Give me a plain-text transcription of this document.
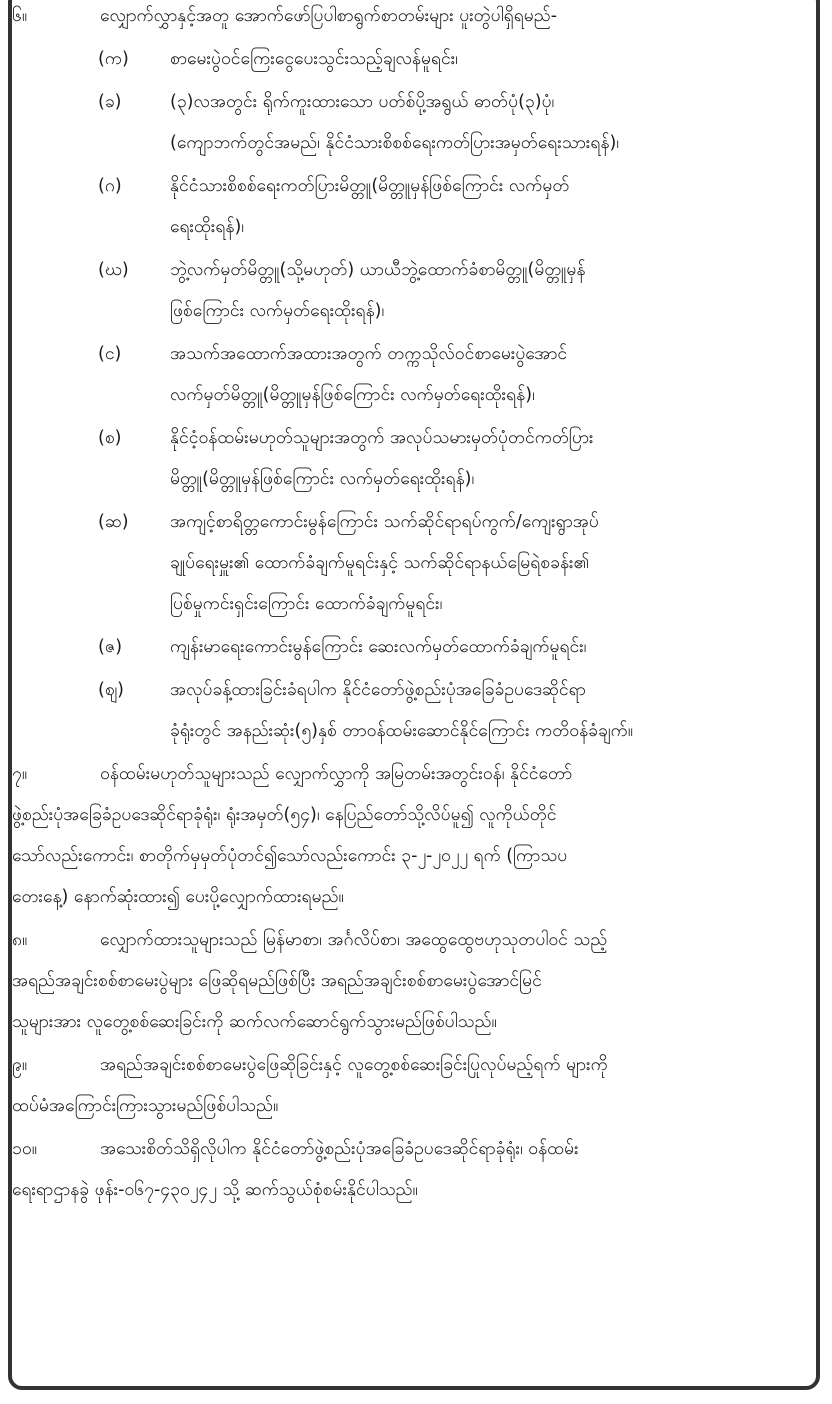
၆။	လျှောက်လွှာနှင့်အတူ အောက်ဖော်ပြပါစာရွက်စာတမ်းများ ပူးတွဲပါရှိရမည်-
(က) စာမေးပွဲဝင်ကြေးငွေပေးသွင်းသည့်ချလန်မူရင်း၊
(ခ)	(၃)လအတွင်း ရိုက်ကူးထားသော ပတ်စ်ပို့အရွယ် ဓာတ်ပုံ(၃)ပုံ၊
(ကျောဘက်တွင်အမည်၊ နိုင်ငံသားစိစစ်ရေးကတ်ပြားအမှတ်ရေးသားရန်)၊
(ဂ)	နိုင်ငံသားစိစစ်ရေးကတ်ပြားမိတ္တူ(မိတ္တူမှန်ဖြစ်ကြောင်း လက်မှတ်
ရေးထိုးရန်)၊
(ဃ) ဘွဲ့လက်မှတ်မိတ္တူ(သို့မဟုတ်) ယာယီဘွဲ့ထောက်ခံစာမိတ္တူ(မိတ္တူမှန်
ဖြစ်ကြောင်း လက်မှတ်ရေးထိုးရန်)၊
(င)	အသက်အထောက်အထားအတွက် တက္ကသိုလ်ဝင်စာမေးပွဲအောင်
လက်မှတ်မိတ္တူ(မိတ္တူမှန်ဖြစ်ကြောင်း လက်မှတ်ရေးထိုးရန်)၊
(စ)	နိုင်ငံ့ဝန်ထမ်းမဟုတ်သူများအတွက် အလုပ်သမားမှတ်ပုံတင်ကတ်ပြား
မိတ္တူ(မိတ္တူမှန်ဖြစ်ကြောင်း လက်မှတ်ရေးထိုးရန်)၊
(ဆ) အကျင့်စာရိတ္တကောင်းမွန်ကြောင်း သက်ဆိုင်ရာရပ်ကွက်/ကျေးရွာအုပ်
ချုပ်ရေးမှူး၏ ထောက်ခံချက်မူရင်းနှင့် သက်ဆိုင်ရာနယ်မြေရဲစခန်း၏
ပြစ်မှုကင်းရှင်းကြောင်း ထောက်ခံချက်မူရင်း၊
(ဇ)	ကျန်းမာရေးကောင်းမွန်ကြောင်း ဆေးလက်မှတ်ထောက်ခံချက်မူရင်း၊
(ဈ)	အလုပ်ခန့်ထားခြင်းခံရပါက နိုင်ငံတော်ဖွဲ့စည်းပုံအခြေခံဥပဒေဆိုင်ရာ
ခုံရုံးတွင် အနည်းဆုံး(၅)နှစ် တာဝန်ထမ်းဆောင်နိုင်ကြောင်း ကတိဝန်ခံချက်။
၇။	ဝန်ထမ်းမဟုတ်သူများသည် လျှောက်လွှာကို အမြတမ်းအတွင်းဝန်၊ နိုင်ငံတော်
ဖွဲ့စည်းပုံအခြေခံဥပဒေဆိုင်ရာခုံရုံး၊ ရုံးအမှတ်(၅၄)၊ နေပြည်တော်သို့လိပ်မူ၍ လူကိုယ်တိုင်
သော်လည်းကောင်း၊ စာတိုက်မှမှတ်ပုံတင်၍သော်လည်းကောင်း ၃-၂-၂၀၂၂ ရက် (ကြာသပ
တေးနေ့) နောက်ဆုံးထား၍ ပေးပို့လျှောက်ထားရမည်။
၈။	လျှောက်ထားသူများသည် မြန်မာစာ၊ အင်္ဂလိပ်စာ၊ အထွေထွေဗဟုသုတပါဝင် သည့်
အရည်အချင်းစစ်စာမေးပွဲများ ဖြေဆိုရမည်ဖြစ်ပြီး အရည်အချင်းစစ်စာမေးပွဲအောင်မြင်
သူများအား လူတွေ့စစ်ဆေးခြင်းကို ဆက်လက်ဆောင်ရွက်သွားမည်ဖြစ်ပါသည်။
၉။	အရည်အချင်းစစ်စာမေးပွဲဖြေဆိုခြင်းနှင့် လူတွေ့စစ်ဆေးခြင်းပြုလုပ်မည့်ရက် များကို
ထပ်မံအကြောင်းကြားသွားမည်ဖြစ်ပါသည်။
၁၀။	အသေးစိတ်သိရှိလိုပါက နိုင်ငံတော်ဖွဲ့စည်းပုံအခြေခံဥပဒေဆိုင်ရာခုံရုံး၊ ဝန်ထမ်း
ရေးရာဌာနခွဲ ဖုန်း-၀၆၇-၄၃၀၂၄၂ သို့ ဆက်သွယ်စုံစမ်းနိုင်ပါသည်။
